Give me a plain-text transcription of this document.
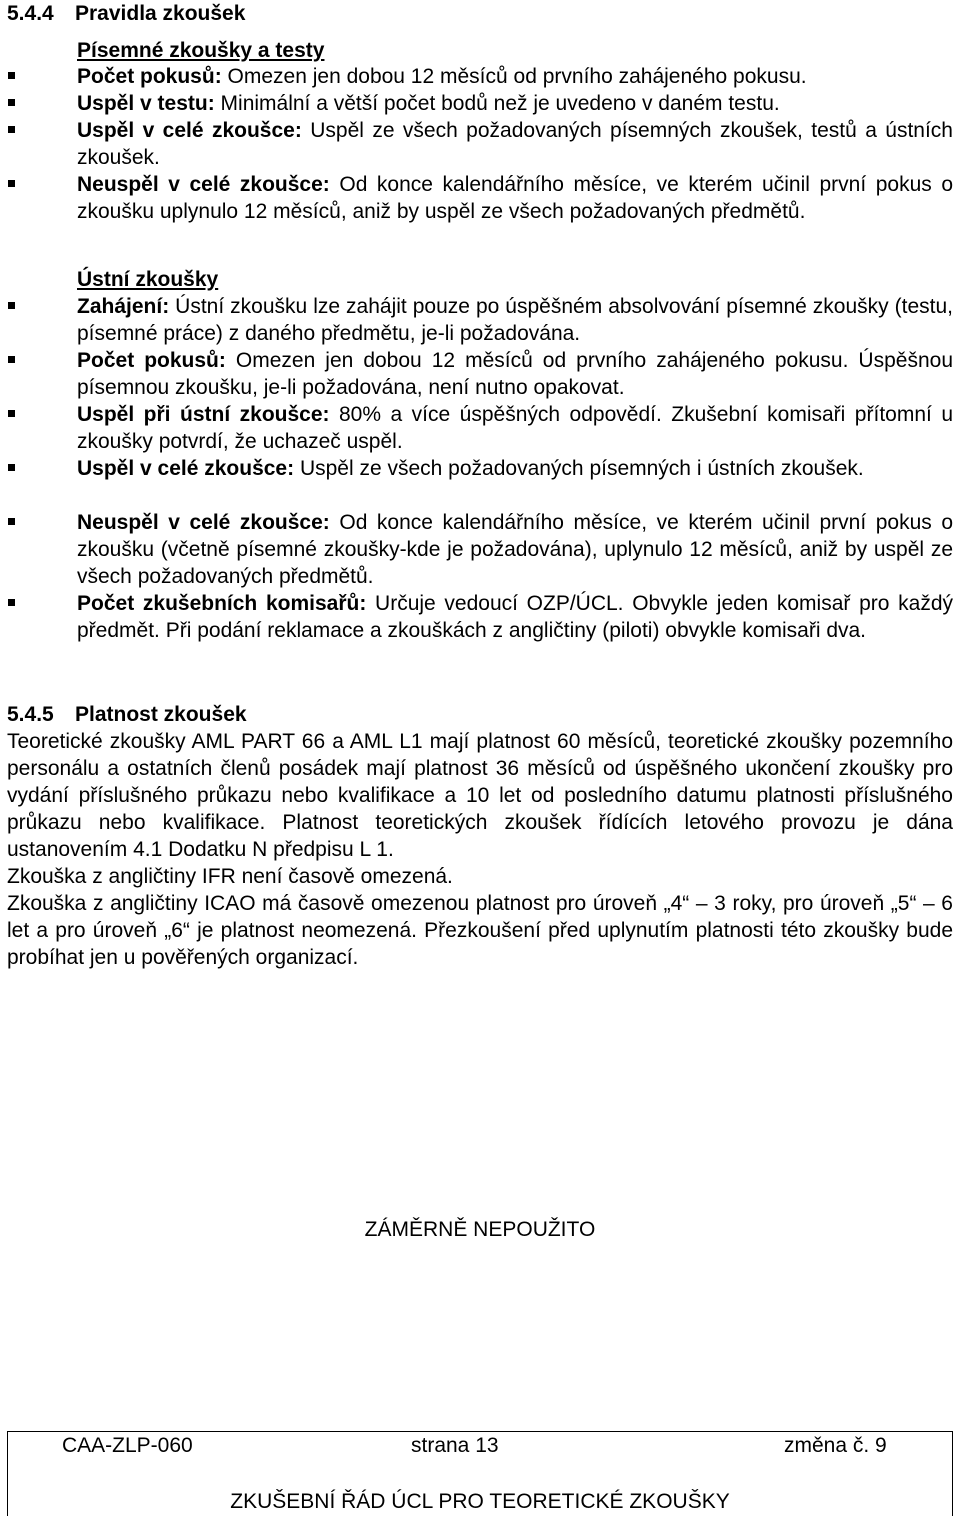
5.4.4 Pravidla zkoušek
Písemné zkoušky a testy
Počet pokusů: Omezen jen dobou 12 měsíců od prvního zahájeného pokusu.
Uspěl v testu: Minimální a větší počet bodů než je uvedeno v daném testu.
Uspěl v celé zkoušce: Uspěl ze všech požadovaných písemných zkoušek, testů a ústních zkoušek.
Neuspěl v celé zkoušce: Od konce kalendářního měsíce, ve kterém učinil první pokus o zkoušku uplynulo 12 měsíců, aniž by uspěl ze všech požadovaných předmětů.
Ústní zkoušky
Zahájení: Ústní zkoušku lze zahájit pouze po úspěšném absolvování písemné zkoušky (testu, písemné práce) z daného předmětu, je-li požadována.
Počet pokusů: Omezen jen dobou 12 měsíců od prvního zahájeného pokusu. Úspěšnou písemnou zkoušku, je-li požadována, není nutno opakovat.
Uspěl při ústní zkoušce: 80% a více úspěšných odpovědí. Zkušební komisaři přítomní u zkoušky potvrdí, že uchazeč uspěl.
Uspěl v celé zkoušce: Uspěl ze všech požadovaných písemných i ústních zkoušek.
Neuspěl v celé zkoušce: Od konce kalendářního měsíce, ve kterém učinil první pokus o zkoušku (včetně písemné zkoušky-kde je požadována), uplynulo 12 měsíců, aniž by uspěl ze všech požadovaných předmětů.
Počet zkušebních komisařů: Určuje vedoucí OZP/ÚCL. Obvykle jeden komisař pro každý předmět. Při podání reklamace a zkouškách z angličtiny (piloti) obvykle komisaři dva.
5.4.5 Platnost zkoušek
Teoretické zkoušky AML PART 66 a AML L1 mají platnost 60 měsíců, teoretické zkoušky pozemního personálu a ostatních členů posádek mají platnost 36 měsíců od úspěšného ukončení zkoušky pro vydání příslušného průkazu nebo kvalifikace a 10 let od posledního datumu platnosti příslušného průkazu nebo kvalifikace. Platnost teoretických zkoušek řídících letového provozu je dána ustanovením 4.1 Dodatku N předpisu L 1.
Zkouška z angličtiny IFR není časově omezená.
Zkouška z angličtiny ICAO má časově omezenou platnost pro úroveň „4“ – 3 roky, pro úroveň „5“ – 6 let a pro úroveň „6“ je platnost neomezená. Přezkoušení před uplynutím platnosti této zkoušky bude probíhat jen u pověřených organizací.
ZÁMĚRNĚ NEPOUŽITO
CAA-ZLP-060	strana 13	změna č. 9
ZKUŠEBNÍ ŘÁD ÚCL PRO TEORETICKÉ ZKOUŠKY
